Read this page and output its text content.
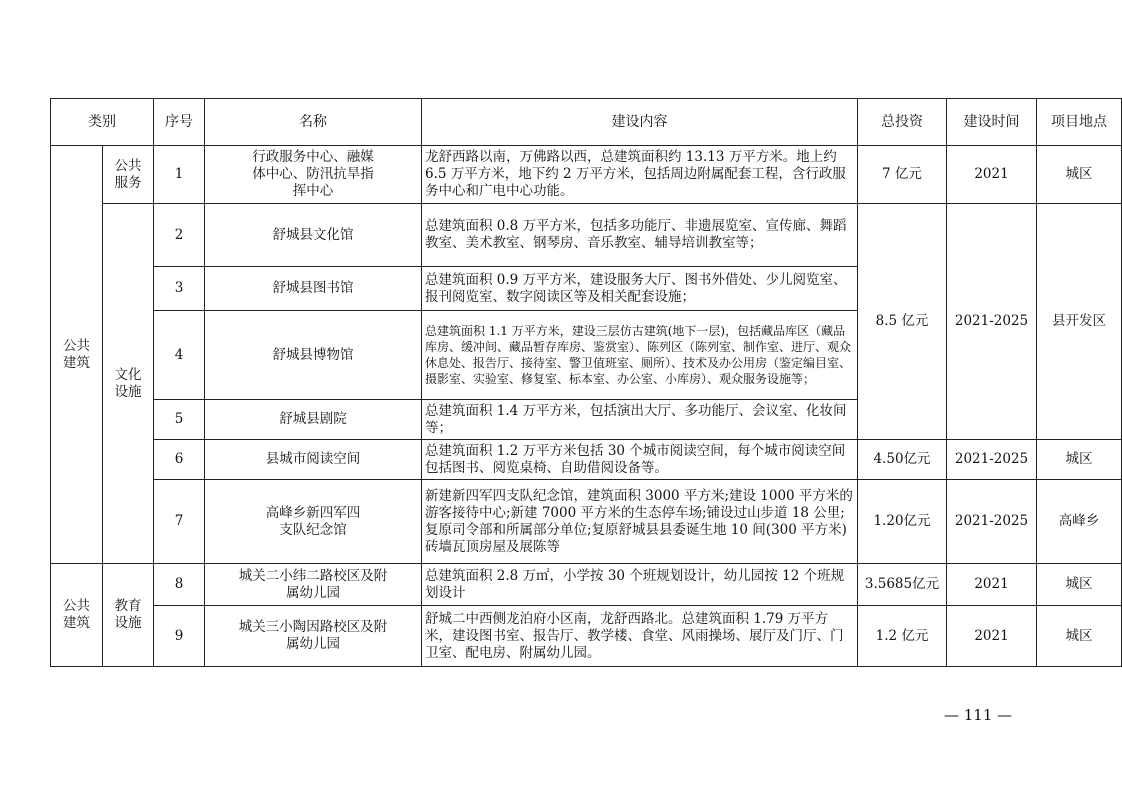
类别		序号	名称	建设内容	总投资	建设时间	项目地点

公共建筑	公共服务	1	行政服务中心、融媒体中心、防汛抗旱指挥中心	龙舒西路以南，万佛路以西，总建筑面积约 13.13 万平方米。地上约 6.5 万平方米，地下约 2 万平方米，包括周边附属配套工程，含行政服务中心和广电中心功能。	7 亿元	2021	城区

	文化设施	2	舒城县文化馆	总建筑面积 0.8 万平方米，包括多功能厅、非遗展览室、宣传廊、舞蹈教室、美术教室、钢琴房、音乐教室、辅导培训教室等；	8.5 亿元	2021-2025	县开发区
		3	舒城县图书馆	总建筑面积 0.9 万平方米，建设服务大厅、图书外借处、少儿阅览室、报刊阅览室、数字阅读区等及相关配套设施；			
		4	舒城县博物馆	总建筑面积 1.1 万平方米，建设三层仿古建筑(地下一层)，包括藏品库区（藏品库房、缓冲间、藏品暂存库房、鉴赏室）、陈列区（陈列室、制作室、进厅、观众休息处、报告厅、接待室、警卫值班室、厕所）、技术及办公用房（鉴定编目室、摄影室、实验室、修复室、标本室、办公室、小库房）、观众服务设施等；			
		5	舒城县剧院	总建筑面积 1.4 万平方米，包括演出大厅、多功能厅、会议室、化妆间等；			
		6	县城市阅读空间	总建筑面积 1.2 万平方米包括 30 个城市阅读空间，每个城市阅读空间包括图书、阅览桌椅、自助借阅设备等。	4.50亿元	2021-2025	城区
		7	高峰乡新四军四支队纪念馆	新建新四军四支队纪念馆，建筑面积 3000 平方米;建设 1000 平方米的游客接待中心;新建 7000 平方米的生态停车场;铺设过山步道 18 公里;复原司令部和所属部分单位;复原舒城县县委诞生地 10 间(300 平方米)砖墙瓦顶房屋及展陈等	1.20亿元	2021-2025	高峰乡

公共建筑	教育设施	8	城关二小纬二路校区及附属幼儿园	总建筑面积 2.8 万㎡，小学按 30 个班规划设计，幼儿园按 12 个班规划设计	3.5685亿元	2021	城区
		9	城关三小陶因路校区及附属幼儿园	舒城二中西侧龙泊府小区南，龙舒西路北。总建筑面积 1.79 万平方米，建设图书室、报告厅、教学楼、食堂、风雨操场、展厅及门厅、门卫室、配电房、附属幼儿园。	1.2 亿元	2021	城区
— 111 —
